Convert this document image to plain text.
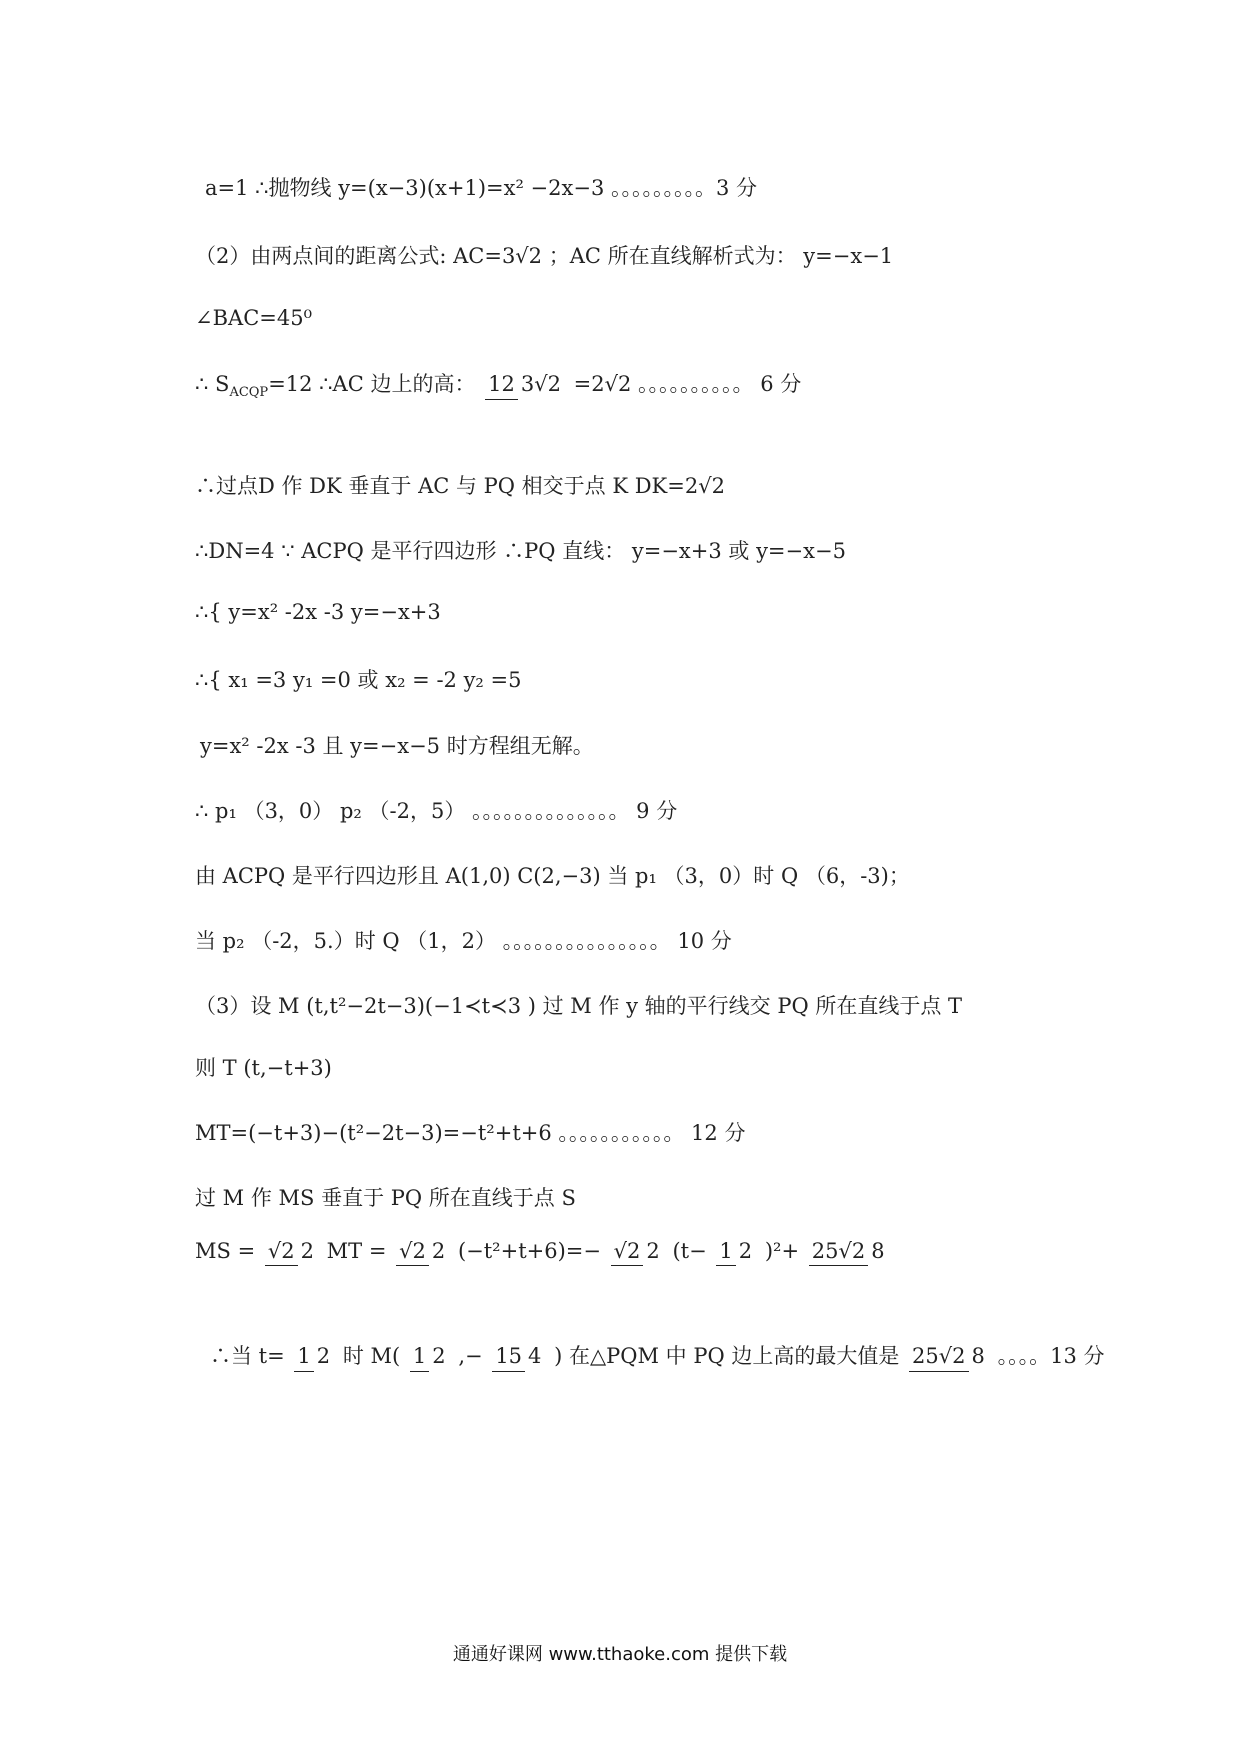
a=1 ∴抛物线 y=(x−3)(x+1)=x² −2x−3 。。。。。。。。。3 分
（2）由两点间的距离公式: AC=3√2 ；AC 所在直线解析式为： y=−x−1
∠BAC=45⁰
∴ $S_{ACQP}=12$ ∴AC 边上的高： 12 3√2 =2√2 。。。。。。。。。。 6 分
∴过点D 作 DK 垂直于 AC 与 PQ 相交于点 K DK=2√2
∴DN=4 ∵ ACPQ 是平行四边形 ∴PQ 直线： y=−x+3 或 y=−x−5
∴{ y=x² -2x -3 y=−x+3
∴{ x₁ =3 y₁ =0 或 x₂ = -2 y₂ =5
y=x² -2x -3 且 y=−x−5 时方程组无解。
∴ p₁ （3，0） p₂ （-2，5） 。。。。。。。。。。。。。。 9 分
由 ACPQ 是平行四边形且 A(1,0) C(2,−3) 当 p₁ （3，0）时 Q （6，-3)；
当 p₂ （-2，5.）时 Q （1，2） 。。。。。。。。。。。。。。。 10 分
（3）设 M (t,t²−2t−3)(−1≺t≺3 ) 过 M 作 y 轴的平行线交 PQ 所在直线于点 T
则 T (t,−t+3)
MT=(−t+3)−(t²−2t−3)=−t²+t+6 。。。。。。。。。。。 12 分
过 M 作 MS 垂直于 PQ 所在直线于点 S
MS = √2 2 MT = √2 2 (−t²+t+6)=− √2 2 (t− 1 2 )²+ 25√2 8
∴当 t= 1 2 时 M( 1 2 ,− 15 4 ) 在△PQM 中 PQ 边上高的最大值是 25√2 8 。。。。13 分
通通好课网 www.tthaoke.com 提供下载
